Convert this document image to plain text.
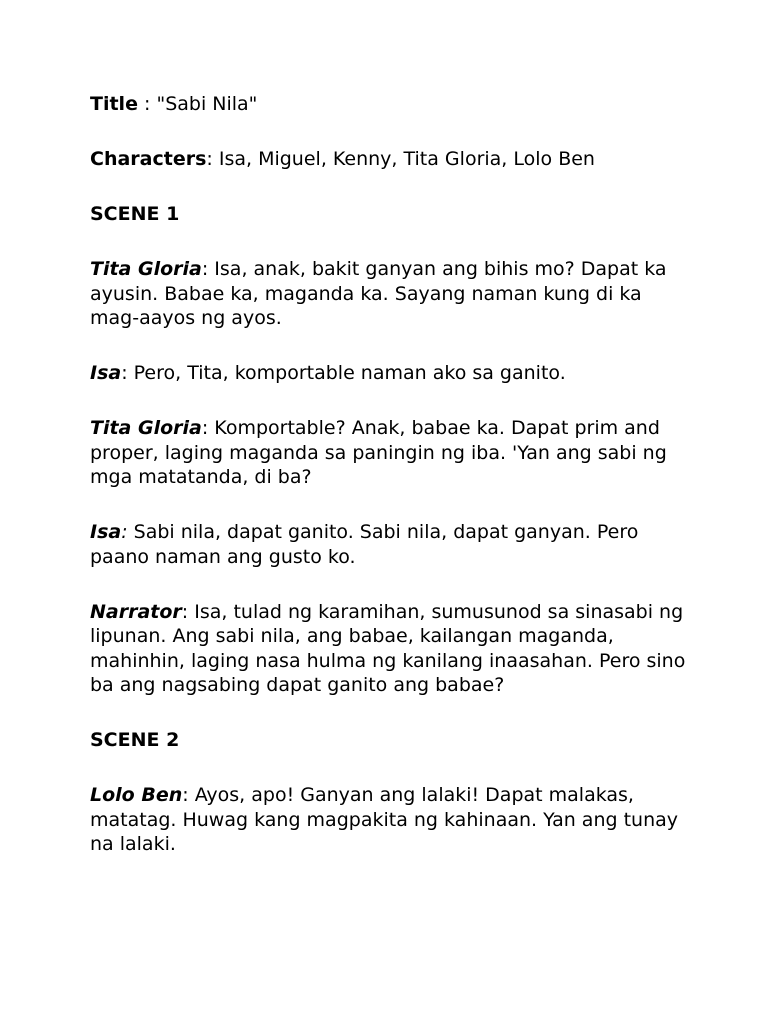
Title : "Sabi Nila"

Characters: Isa, Miguel, Kenny, Tita Gloria, Lolo Ben

SCENE 1

Tita Gloria: Isa, anak, bakit ganyan ang bihis mo? Dapat ka ayusin. Babae ka, maganda ka. Sayang naman kung di ka mag-aayos ng ayos.

Isa: Pero, Tita, komportable naman ako sa ganito.

Tita Gloria: Komportable? Anak, babae ka. Dapat prim and proper, laging maganda sa paningin ng iba. 'Yan ang sabi ng mga matatanda, di ba?

Isa: Sabi nila, dapat ganito. Sabi nila, dapat ganyan. Pero paano naman ang gusto ko.

Narrator: Isa, tulad ng karamihan, sumusunod sa sinasabi ng lipunan. Ang sabi nila, ang babae, kailangan maganda, mahinhin, laging nasa hulma ng kanilang inaasahan. Pero sino ba ang nagsabing dapat ganito ang babae?

SCENE 2

Lolo Ben: Ayos, apo! Ganyan ang lalaki! Dapat malakas, matatag. Huwag kang magpakita ng kahinaan. Yan ang tunay na lalaki.
